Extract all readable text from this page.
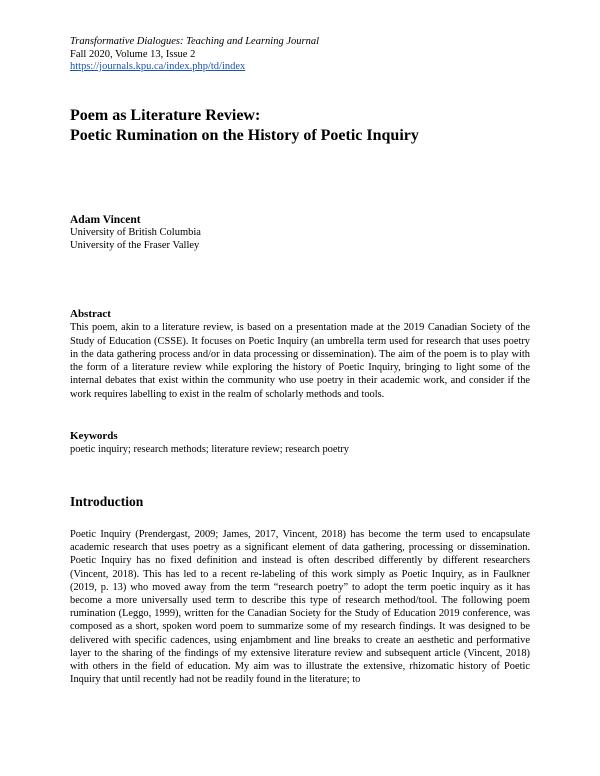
Transformative Dialogues: Teaching and Learning Journal
Fall 2020, Volume 13, Issue 2
https://journals.kpu.ca/index.php/td/index
Poem as Literature Review:
Poetic Rumination on the History of Poetic Inquiry
Adam Vincent
University of British Columbia
University of the Fraser Valley
Abstract

This poem, akin to a literature review, is based on a presentation made at the 2019 Canadian Society of the Study of Education (CSSE). It focuses on Poetic Inquiry (an umbrella term used for research that uses poetry in the data gathering process and/or in data processing or dissemination). The aim of the poem is to play with the form of a literature review while exploring the history of Poetic Inquiry, bringing to light some of the internal debates that exist within the community who use poetry in their academic work, and consider if the work requires labelling to exist in the realm of scholarly methods and tools.

Keywords
poetic inquiry; research methods; literature review; research poetry
Introduction

Poetic Inquiry (Prendergast, 2009; James, 2017, Vincent, 2018) has become the term used to encapsulate academic research that uses poetry as a significant element of data gathering, processing or dissemination. Poetic Inquiry has no fixed definition and instead is often described differently by different researchers (Vincent, 2018). This has led to a recent re-labeling of this work simply as Poetic Inquiry, as in Faulkner (2019, p. 13) who moved away from the term “research poetry” to adopt the term poetic inquiry as it has become a more universally used term to describe this type of research method/tool. The following poem rumination (Leggo, 1999), written for the Canadian Society for the Study of Education 2019 conference, was composed as a short, spoken word poem to summarize some of my research findings. It was designed to be delivered with specific cadences, using enjambment and line breaks to create an aesthetic and performative layer to the sharing of the findings of my extensive literature review and subsequent article (Vincent, 2018) with others in the field of education. My aim was to illustrate the extensive, rhizomatic history of Poetic Inquiry that until recently had not be readily found in the literature; to
